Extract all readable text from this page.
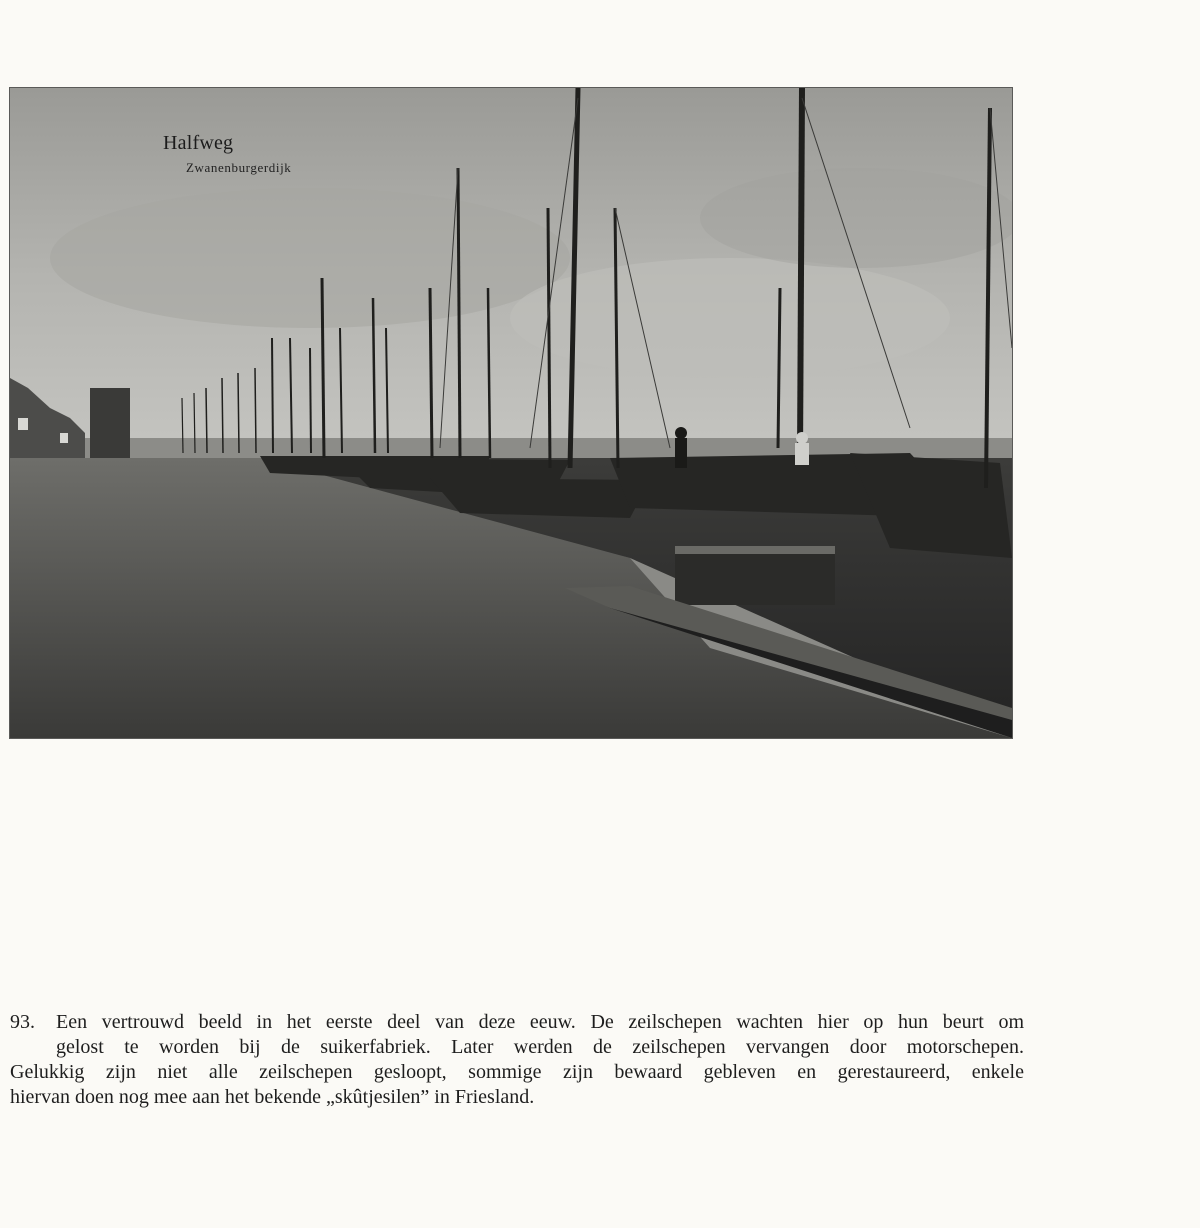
Halfweg
Zwanenburgerdijk
93. Een vertrouwd beeld in het eerste deel van deze eeuw. De zeilschepen wachten hier op hun beurt om
gelost te worden bij de suikerfabriek. Later werden de zeilschepen vervangen door motorschepen.
Gelukkig zijn niet alle zeilschepen gesloopt, sommige zijn bewaard gebleven en gerestaureerd, enkele
hiervan doen nog mee aan het bekende „skûtjesilen” in Friesland.
